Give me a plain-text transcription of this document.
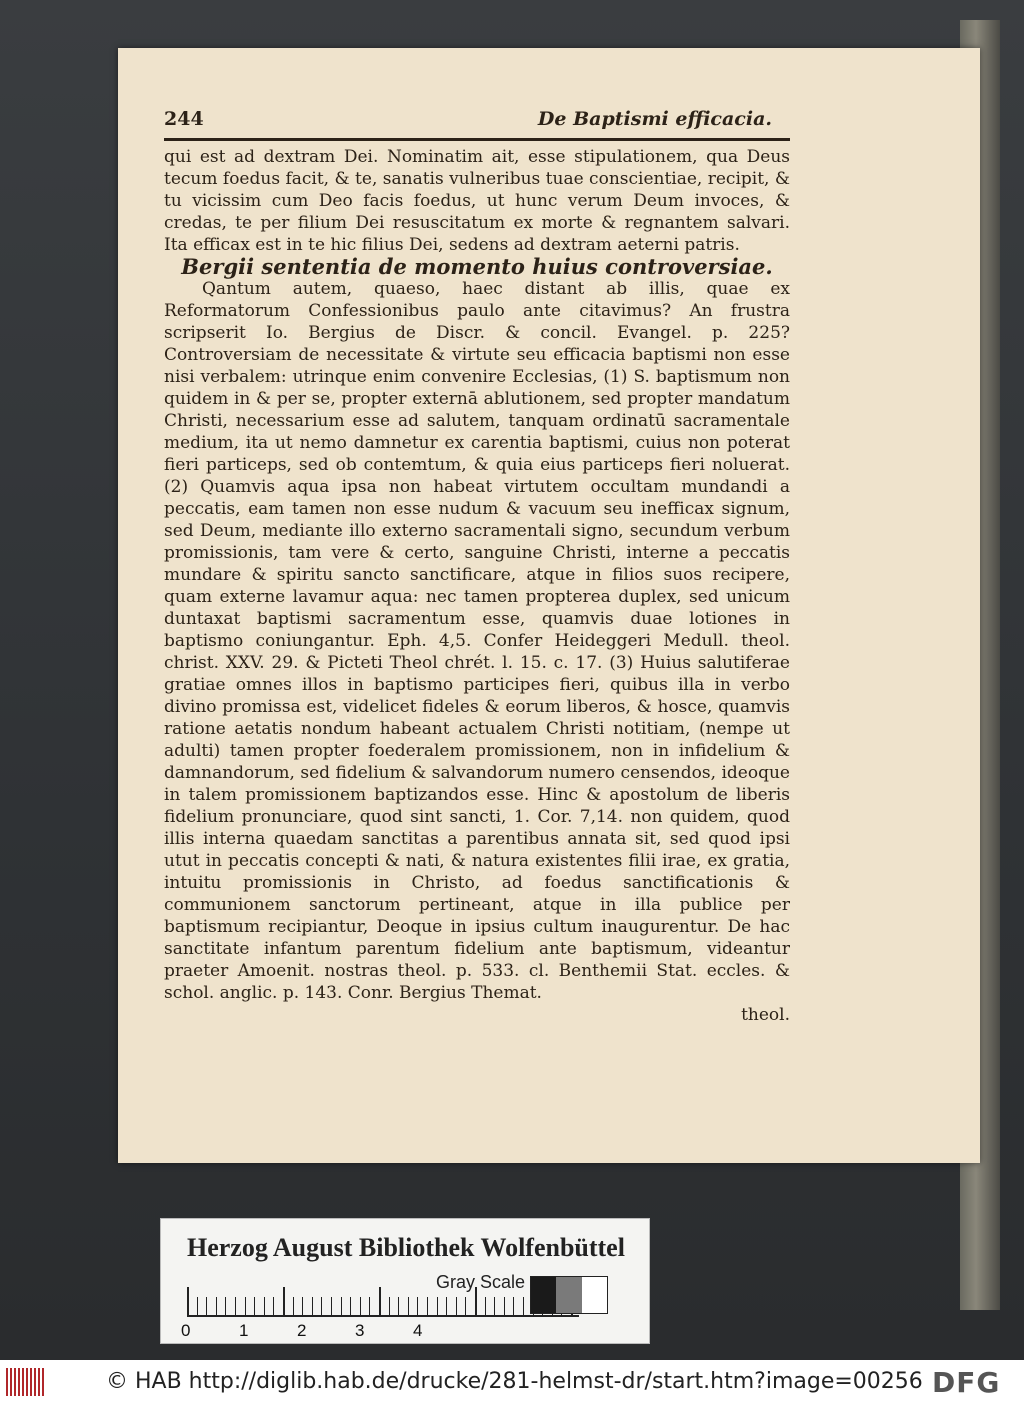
244	De Baptismi efficacia.

qui est ad dextram Dei. Nominatim ait, esse stipulationem, qua Deus tecum foedus facit, & te, sanatis vulneribus tuae conscientiae, recipit, & tu vicissim cum Deo facis foedus, ut hunc verum Deum invoces, & credas, te per filium Dei resuscitatum ex morte & regnantem salvari. Ita efficax est in te hic filius Dei, sedens ad dextram aeterni patris.

Bergii sententia de momento huius controversiae.

Qantum autem, quaeso, haec distant ab illis, quae ex Reformatorum Confessionibus paulo ante citavimus? An frustra scripserit Io. Bergius de Discr. & concil. Evangel. p. 225? Controversiam de necessitate & virtute seu efficacia baptismi non esse nisi verbalem: utrinque enim convenire Ecclesias, (1) S. baptismum non quidem in & per se, propter externā ablutionem, sed propter mandatum Christi, necessarium esse ad salutem, tanquam ordinatū sacramentale medium, ita ut nemo damnetur ex carentia baptismi, cuius non poterat fieri particeps, sed ob contemtum, & quia eius particeps fieri noluerat. (2) Quamvis aqua ipsa non habeat virtutem occultam mundandi a peccatis, eam tamen non esse nudum & vacuum seu inefficax signum, sed Deum, mediante illo externo sacramentali signo, secundum verbum promissionis, tam vere & certo, sanguine Christi, interne a peccatis mundare & spiritu sancto sanctificare, atque in filios suos recipere, quam externe lavamur aqua: nec tamen propterea duplex, sed unicum duntaxat baptismi sacramentum esse, quamvis duae lotiones in baptismo coniungantur. Eph. 4,5. Confer Heideggeri Medull. theol. christ. XXV. 29. & Picteti Theol chrét. l. 15. c. 17. (3) Huius salutiferae gratiae omnes illos in baptismo participes fieri, quibus illa in verbo divino promissa est, videlicet fideles & eorum liberos, & hosce, quamvis ratione aetatis nondum habeant actualem Christi notitiam, (nempe ut adulti) tamen propter foederalem promissionem, non in infidelium & damnandorum, sed fidelium & salvandorum numero censendos, ideoque in talem promissionem baptizandos esse. Hinc & apostolum de liberis fidelium pronunciare, quod sint sancti, 1. Cor. 7,14. non quidem, quod illis interna quaedam sanctitas a parentibus annata sit, sed quod ipsi utut in peccatis concepti & nati, & natura existentes filii irae, ex gratia, intuitu promissionis in Christo, ad foedus sanctificationis & communionem sanctorum pertineant, atque in illa publice per baptismum recipiantur, Deoque in ipsius cultum inaugurentur. De hac sanctitate infantum parentum fidelium ante baptismum, videantur praeter Amoenit. nostras theol. p. 533. cl. Benthemii Stat. eccles. & schol. anglic. p. 143. Conr. Bergius Themat.

theol.

Herzog August Bibliothek Wolfenbüttel
0	1	2	3	4
Gray Scale
© HAB http://diglib.hab.de/drucke/281-helmst-dr/start.htm?image=00256 DFG
